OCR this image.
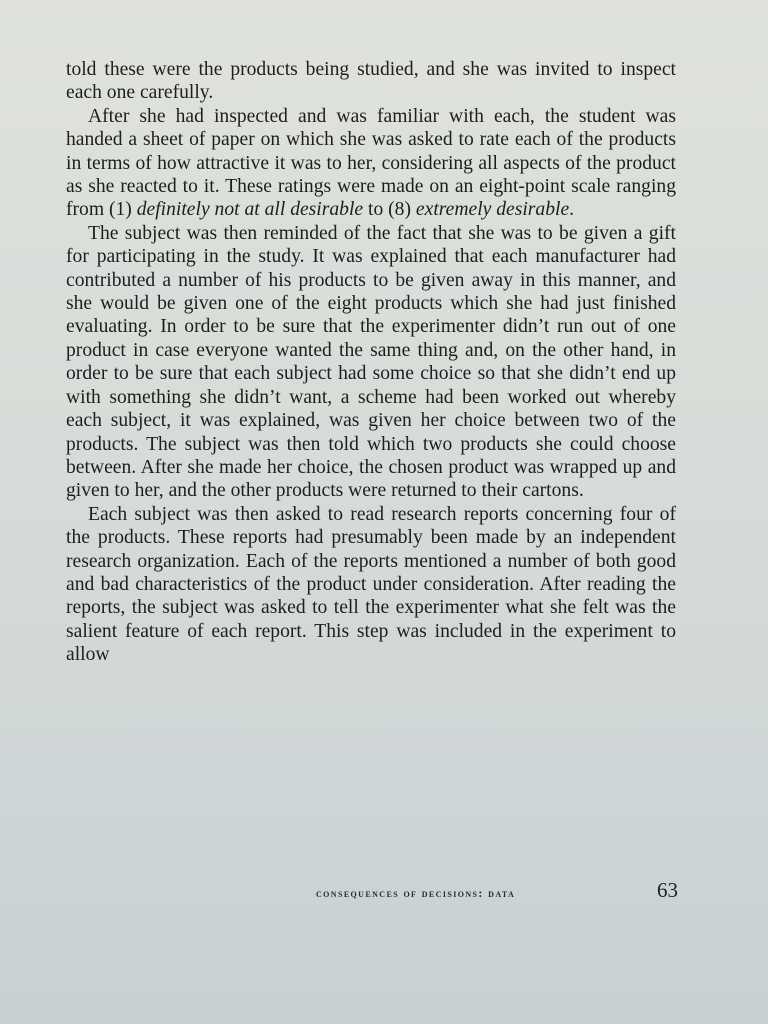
told these were the products being studied, and she was invited to inspect each one carefully.

After she had inspected and was familiar with each, the student was handed a sheet of paper on which she was asked to rate each of the products in terms of how attractive it was to her, considering all aspects of the product as she reacted to it. These ratings were made on an eight-point scale ranging from (1) definitely not at all desirable to (8) extremely desirable.

The subject was then reminded of the fact that she was to be given a gift for participating in the study. It was explained that each manufacturer had contributed a number of his products to be given away in this manner, and she would be given one of the eight products which she had just finished evaluating. In order to be sure that the experimenter didn’t run out of one product in case everyone wanted the same thing and, on the other hand, in order to be sure that each subject had some choice so that she didn’t end up with something she didn’t want, a scheme had been worked out whereby each subject, it was explained, was given her choice between two of the products. The subject was then told which two products she could choose between. After she made her choice, the chosen product was wrapped up and given to her, and the other products were returned to their cartons.

Each subject was then asked to read research reports concerning four of the products. These reports had presumably been made by an independent research organization. Each of the reports mentioned a number of both good and bad characteristics of the product under consideration. After reading the reports, the subject was asked to tell the experimenter what she felt was the salient feature of each report. This step was included in the experiment to allow

consequences of decisions: data	63
